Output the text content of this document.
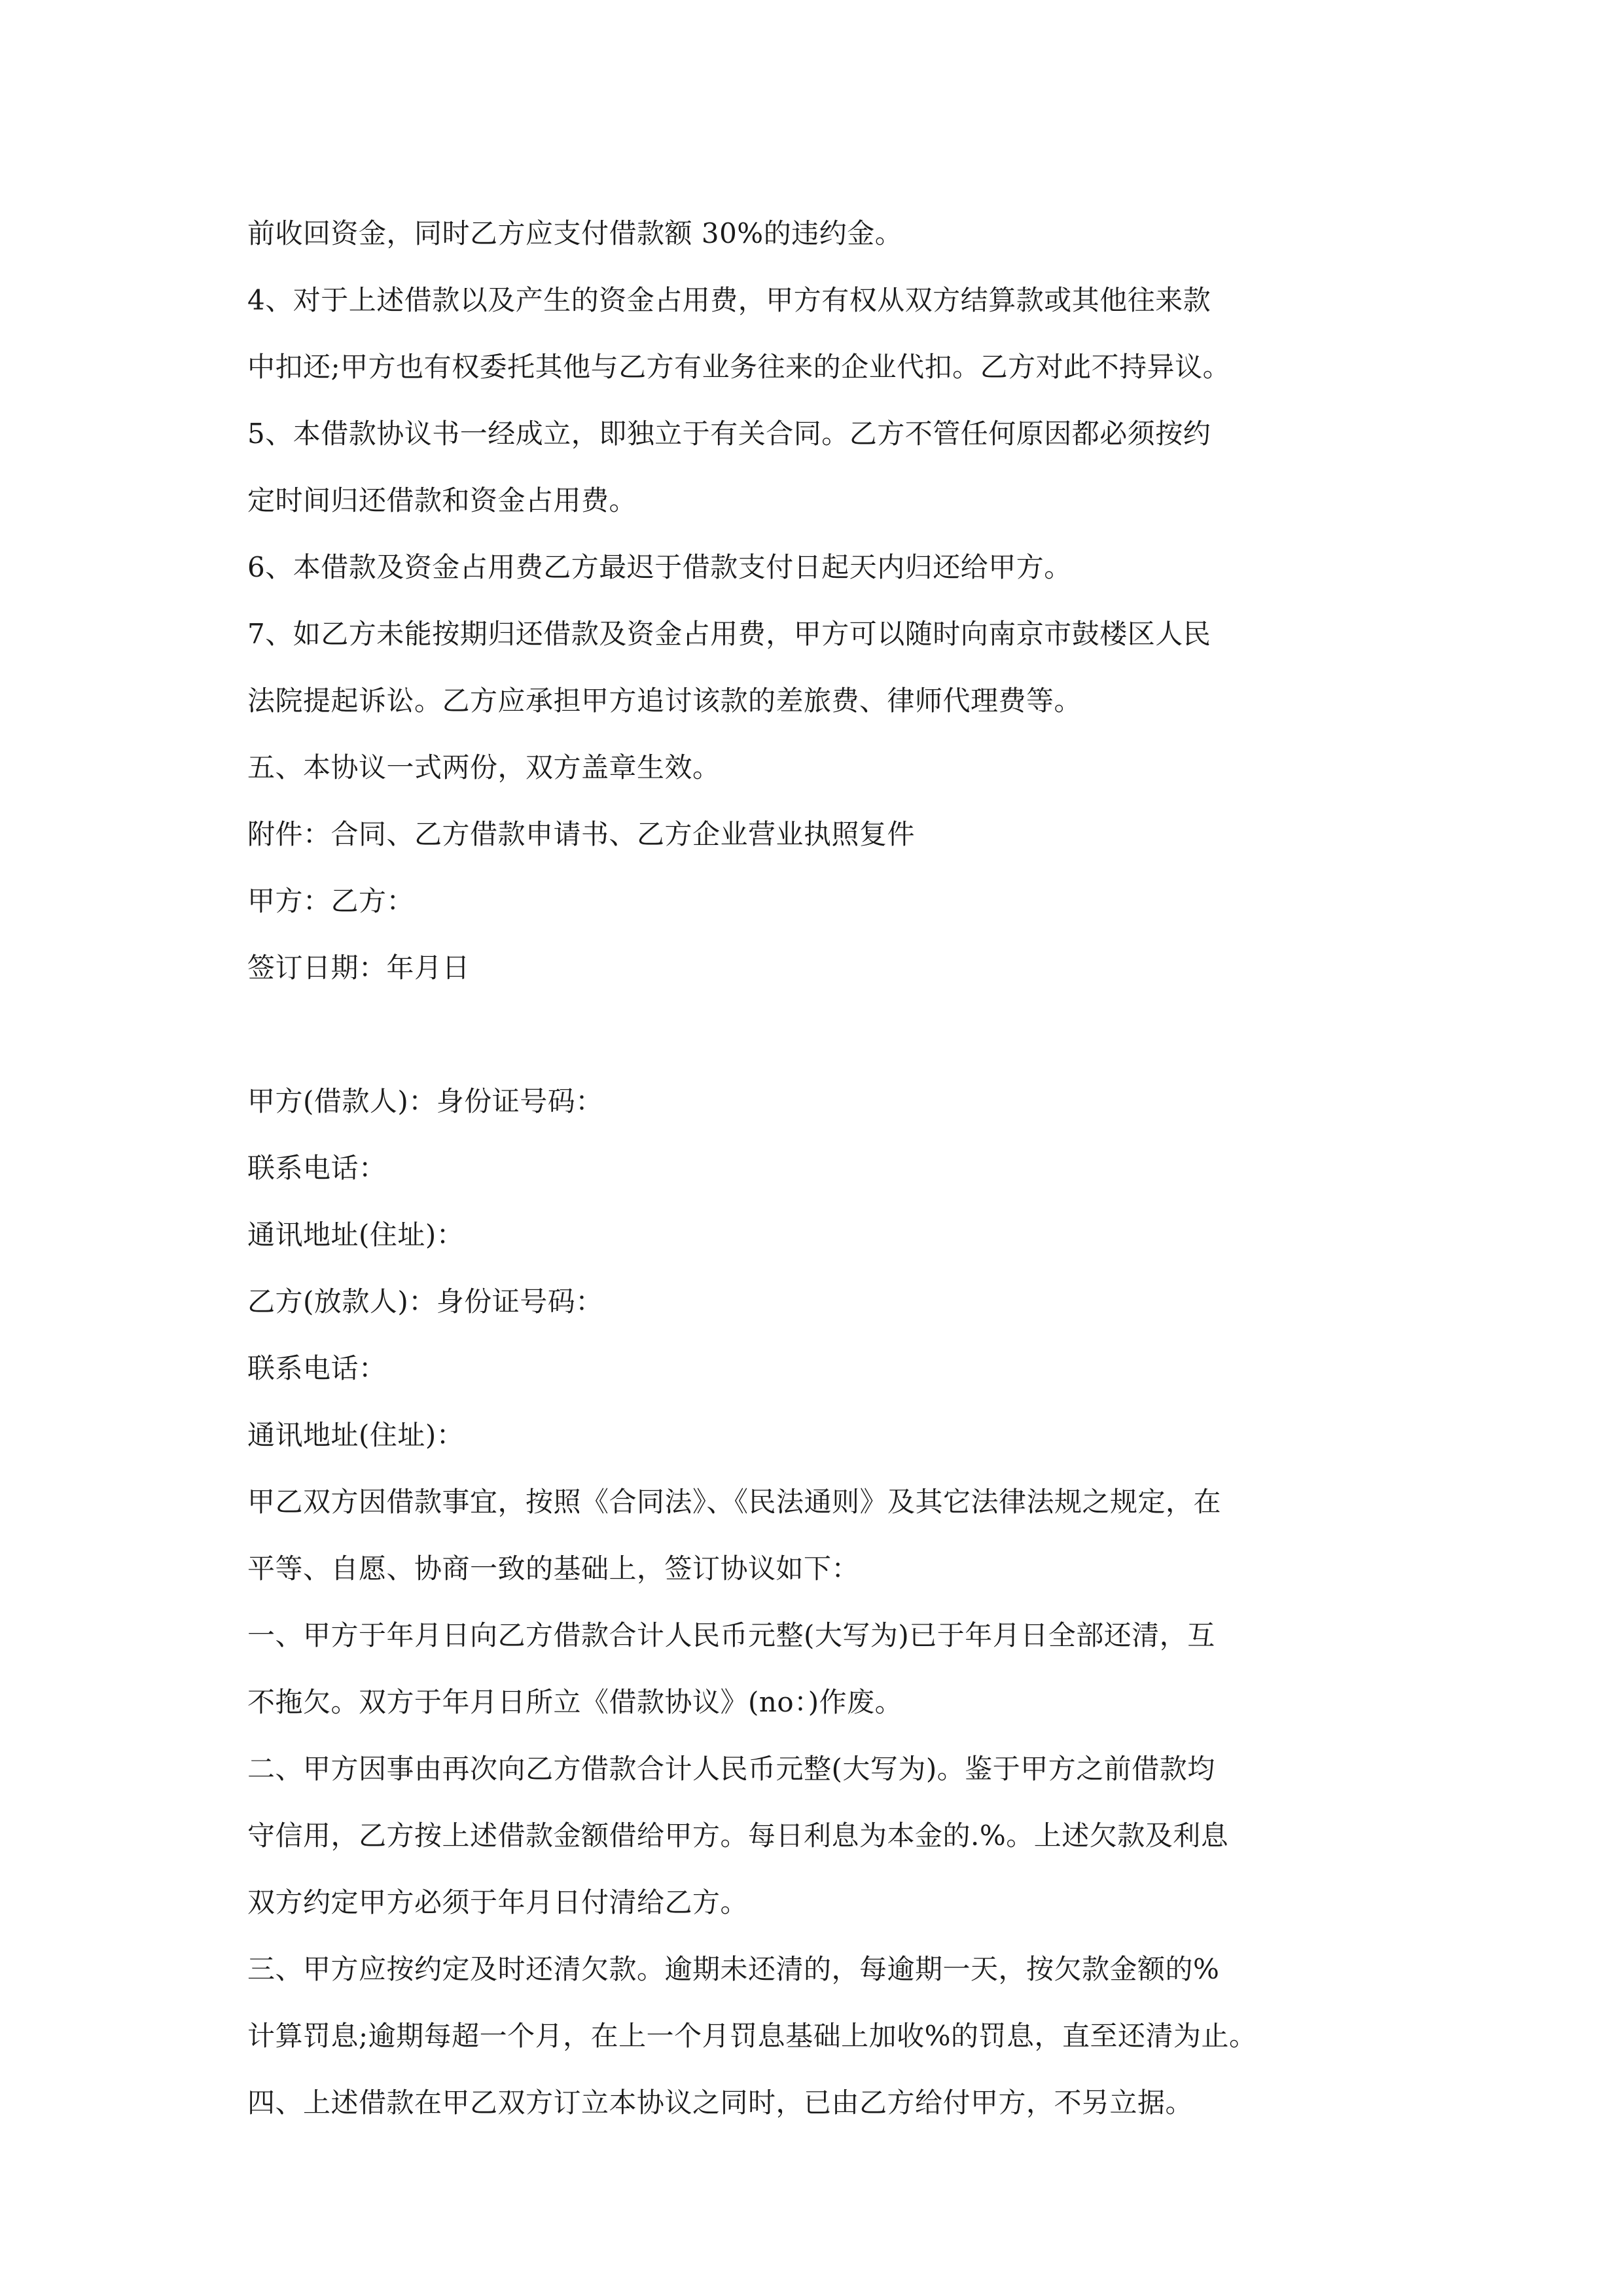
前收回资金，同时乙方应支付借款额 30%的违约金。

4、对于上述借款以及产生的资金占用费，甲方有权从双方结算款或其他往来款

中扣还;甲方也有权委托其他与乙方有业务往来的企业代扣。乙方对此不持异议。

5、本借款协议书一经成立，即独立于有关合同。乙方不管任何原因都必须按约

定时间归还借款和资金占用费。

6、本借款及资金占用费乙方最迟于借款支付日起天内归还给甲方。

7、如乙方未能按期归还借款及资金占用费，甲方可以随时向南京市鼓楼区人民

法院提起诉讼。乙方应承担甲方追讨该款的差旅费、律师代理费等。

五、本协议一式两份，双方盖章生效。

附件：合同、乙方借款申请书、乙方企业营业执照复件

甲方：乙方：

签订日期：年月日

甲方(借款人)：身份证号码：

联系电话：

通讯地址(住址)：

乙方(放款人)：身份证号码：

联系电话：

通讯地址(住址)：

甲乙双方因借款事宜，按照《合同法》、《民法通则》及其它法律法规之规定，在

平等、自愿、协商一致的基础上，签订协议如下：

一、甲方于年月日向乙方借款合计人民币元整(大写为)已于年月日全部还清，互

不拖欠。双方于年月日所立《借款协议》(no：)作废。

二、甲方因事由再次向乙方借款合计人民币元整(大写为)。鉴于甲方之前借款均

守信用，乙方按上述借款金额借给甲方。每日利息为本金的.%。上述欠款及利息

双方约定甲方必须于年月日付清给乙方。

三、甲方应按约定及时还清欠款。逾期未还清的，每逾期一天，按欠款金额的%

计算罚息;逾期每超一个月，在上一个月罚息基础上加收%的罚息，直至还清为止。

四、上述借款在甲乙双方订立本协议之同时，已由乙方给付甲方，不另立据。
